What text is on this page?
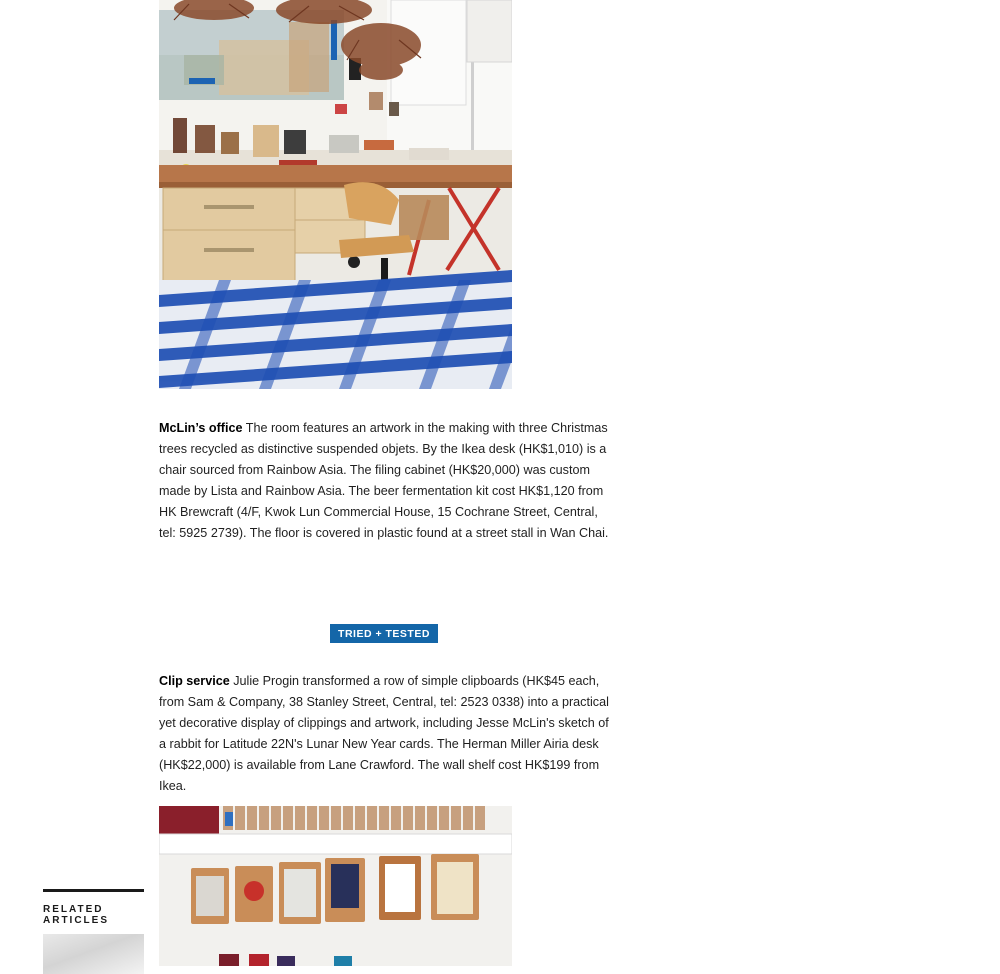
McLin’s office The room features an artwork in the making with three Christmas trees recycled as distinctive suspended objets. By the Ikea desk (HK$1,010) is a chair sourced from Rainbow Asia. The filing cabinet (HK$20,000) was custom made by Lista and Rainbow Asia. The beer fermentation kit cost HK$1,120 from HK Brewcraft (4/F, Kwok Lun Commercial House, 15 Cochrane Street, Central, tel: 5925 2739). The floor is covered in plastic found at a street stall in Wan Chai.
TRIED + TESTED
Clip service Julie Progin transformed a row of simple clipboards (HK$45 each, from Sam & Company, 38 Stanley Street, Central, tel: 2523 0338) into a practical yet decorative display of clippings and artwork, including Jesse McLin's sketch of a rabbit for Latitude 22N's Lunar New Year cards. The Herman Miller Airia desk (HK$22,000) is available from Lane Crawford. The wall shelf cost HK$199 from Ikea.
RELATED ARTICLES
